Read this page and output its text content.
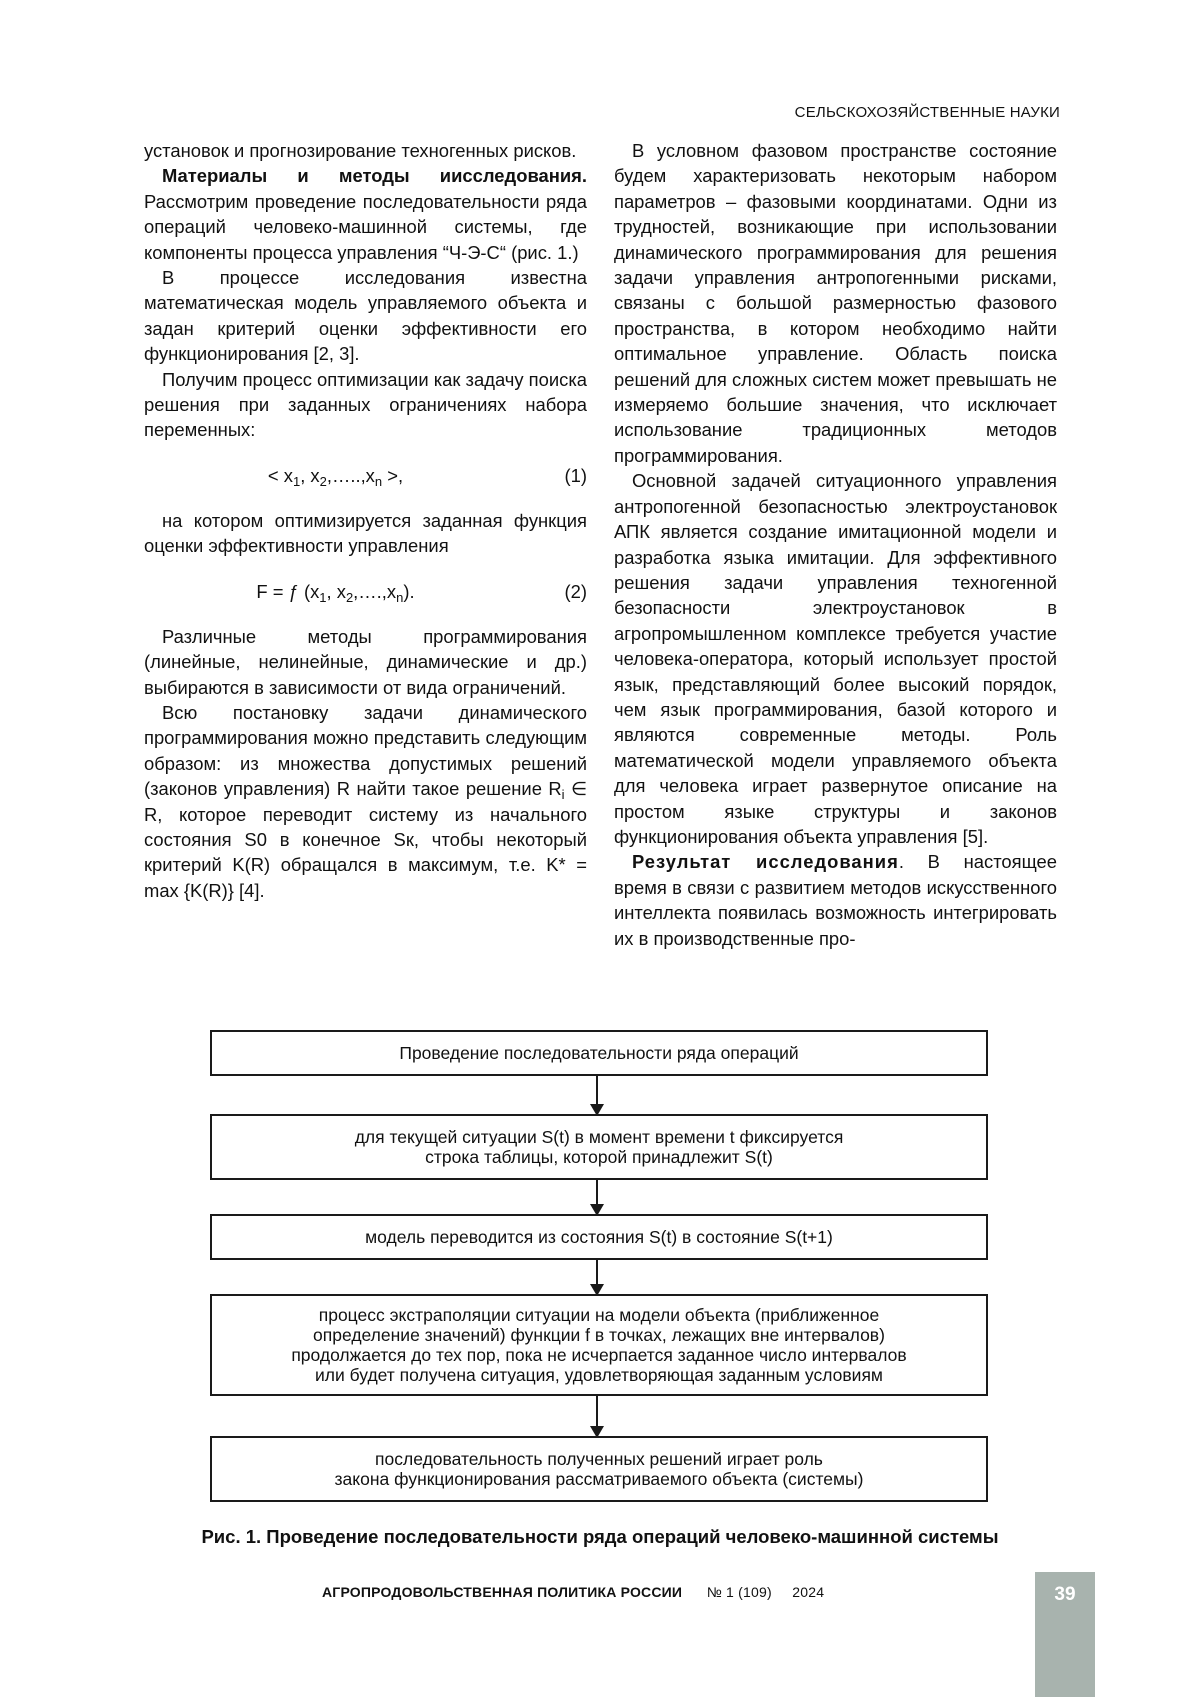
СЕЛЬСКОХОЗЯЙСТВЕННЫЕ НАУКИ

установок и прогнозирование техногенных рисков.

Материалы и методы иисследования. Рассмотрим проведение последовательности ряда операций человеко-машинной системы, где компоненты процесса управления “Ч-Э-С“ (рис. 1.)

В процессе исследования известна математическая модель управляемого объекта и задан критерий оценки эффективности его функционирования [2, 3].

Получим процесс оптимизации как задачу поиска решения при заданных ограничениях набора переменных:

< $x_1$, $x_2,\dots..,x_n$ >,	(1)

на котором оптимизируется заданная функция оценки эффективности управления

F = ƒ ($x_1$, $x_2,\dots.,x_n$).	(2)

Различные методы программирования (линейные, нелинейные, динамические и др.) выбираются в зависимости от вида ограничений.

Всю постановку задачи динамического программирования можно представить следующим образом: из множества допустимых решений (законов управления) R найти такое решение $R_i$ ∈ R, которое переводит систему из начального состояния S0 в конечное Sк, чтобы некоторый критерий K(R) обращался в максимум, т.е. K* = max {K(R)} [4].

В условном фазовом пространстве состояние будем характеризовать некоторым набором параметров – фазовыми координатами. Одни из трудностей, возникающие при использовании динамического программирования для решения задачи управления антропогенными рисками, связаны с большой размерностью фазового пространства, в котором необходимо найти оптимальное управление. Область поиска решений для сложных систем может превышать не измеряемо большие значения, что исключает использование традиционных методов программирования.

Основной задачей ситуационного управления антропогенной безопасностью электроустановок АПК является создание имитационной модели и разработка языка имитации. Для эффективного решения задачи управления техногенной безопасности электроустановок в агропромышленном комплексе требуется участие человека-оператора, который использует простой язык, представляющий более высокий порядок, чем язык программирования, базой которого и являются современные методы. Роль математической модели управляемого объекта для человека играет развернутое описание на простом языке структуры и законов функционирования объекта управления [5].

Результат исследования. В настоящее время в связи с развитием методов искусственного интеллекта появилась возможность интегрировать их в производственные про-

Проведение последовательности ряда операций
для текущей ситуации S(t) в момент времени t фиксируется
строка таблицы, которой принадлежит S(t)
модель переводится из состояния S(t) в состояние S(t+1)
процесс экстраполяции ситуации на модели объекта (приближенное
определение значений) функции f в точках, лежащих вне интервалов)
продолжается до тех пор, пока не исчерпается заданное число интервалов
или будет получена ситуация, удовлетворяющая заданным условиям
последовательность полученных решений играет роль
закона функционирования рассматриваемого объекта (системы)
Рис. 1. Проведение последовательности ряда операций человеко-машинной системы
АГРОПРОДОВОЛЬСТВЕННАЯ ПОЛИТИКА РОССИИ № 1 (109) 2024	39
